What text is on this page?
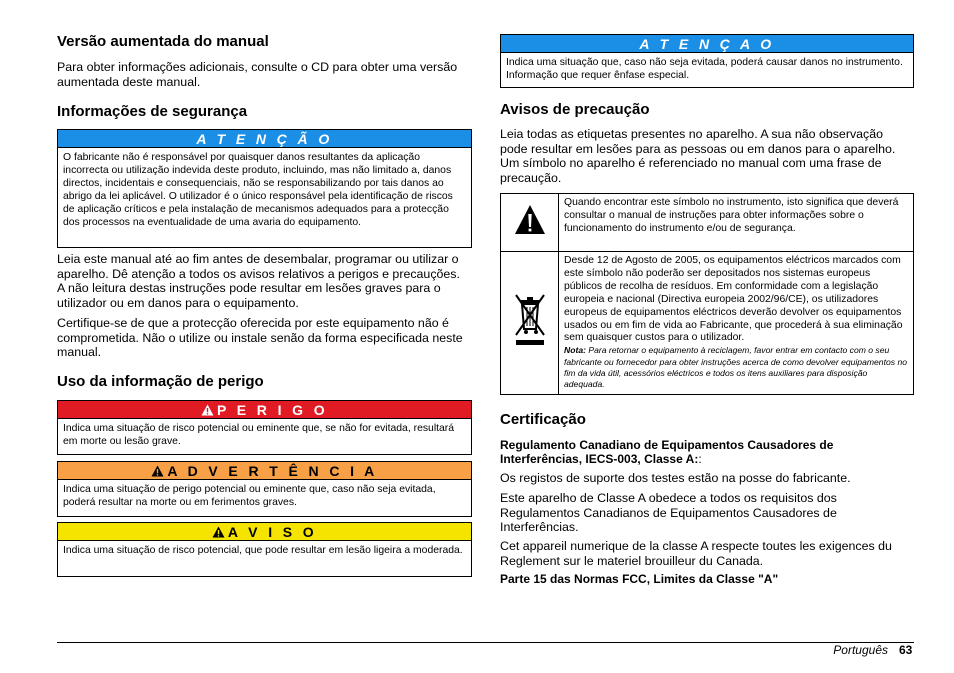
Versão aumentada do manual

Para obter informações adicionais, consulte o CD para obter uma versão aumentada deste manual.

Informações de segurança
A T E N Ç Ã O
O fabricante não é responsável por quaisquer danos resultantes da aplicação incorrecta ou utilização indevida deste produto, incluindo, mas não limitado a, danos directos, incidentais e consequenciais, não se responsabilizando por tais danos ao abrigo da lei aplicável. O utilizador é o único responsável pela identificação de riscos de aplicação críticos e pela instalação de mecanismos adequados para a protecção dos processos na eventualidade de uma avaria do equipamento.

Leia este manual até ao fim antes de desembalar, programar ou utilizar o aparelho. Dê atenção a todos os avisos relativos a perigos e precauções. A não leitura destas instruções pode resultar em lesões graves para o utilizador ou em danos para o equipamento.

Certifique-se de que a protecção oferecida por este equipamento não é comprometida. Não o utilize ou instale senão da forma especificada neste manual.

Uso da informação de perigo
P E R I G O
Indica uma situação de risco potencial ou eminente que, se não for evitada, resultará em morte ou lesão grave.
A D V E R T Ê N C I A
Indica uma situação de perigo potencial ou eminente que, caso não seja evitada, poderá resultar na morte ou em ferimentos graves.
A V I S O
Indica uma situação de risco potencial, que pode resultar em lesão ligeira a moderada.
A T E N Ç A O
Indica uma situação que, caso não seja evitada, poderá causar danos no instrumento. Informação que requer ênfase especial.
Avisos de precaução

Leia todas as etiquetas presentes no aparelho. A sua não observação pode resultar em lesões para as pessoas ou em danos para o aparelho. Um símbolo no aparelho é referenciado no manual com uma frase de precaução.

	Quando encontrar este símbolo no instrumento, isto significa que deverá consultar o manual de instruções para obter informações sobre o funcionamento do instrumento e/ou de segurança.
	Desde 12 de Agosto de 2005, os equipamentos eléctricos marcados com este símbolo não poderão ser depositados nos sistemas europeus públicos de recolha de resíduos. Em conformidade com a legislação europeia e nacional (Directiva europeia 2002/96/CE), os utilizadores europeus de equipamentos eléctricos deverão devolver os equipamentos usados ou em fim de vida ao Fabricante, que procederá à sua eliminação sem quaisquer custos para o utilizador.
Nota: Para retornar o equipamento à reciclagem, favor entrar em contacto com o seu fabricante ou fornecedor para obter instruções acerca de como devolver equipamentos no fim da vida útil, acessórios eléctricos e todos os itens auxiliares para disposição adequada.
Certificação

Regulamento Canadiano de Equipamentos Causadores de Interferências, IECS-003, Classe A::

Os registos de suporte dos testes estão na posse do fabricante.

Este aparelho de Classe A obedece a todos os requisitos dos Regulamentos Canadianos de Equipamentos Causadores de Interferências.

Cet appareil numerique de la classe A respecte toutes les exigences du Reglement sur le materiel brouilleur du Canada.

Parte 15 das Normas FCC, Limites da Classe "A"

Português 63
